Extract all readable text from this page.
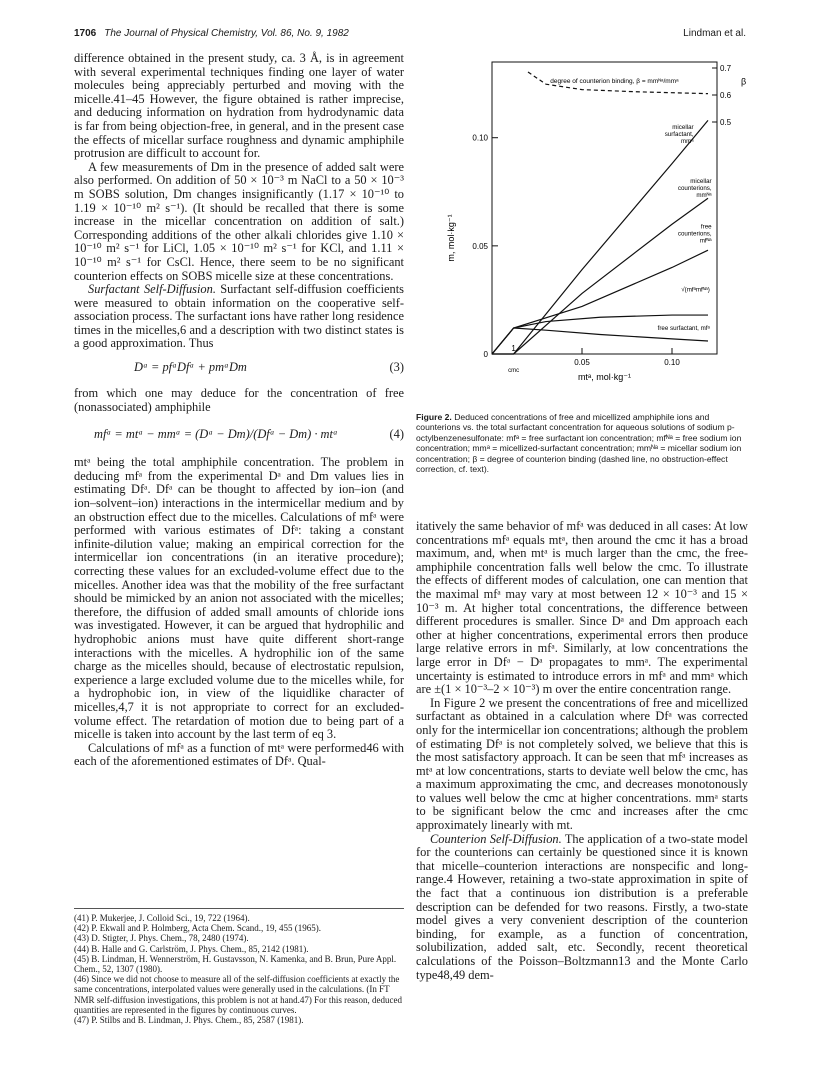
1706 The Journal of Physical Chemistry, Vol. 86, No. 9, 1982	Lindman et al.

difference obtained in the present study, ca. 3 Å, is in agreement with several experimental techniques finding one layer of water molecules being appreciably perturbed and moving with the micelle.41–45 However, the figure obtained is rather imprecise, and deducing information on hydration from hydrodynamic data is far from being objection-free, in general, and in the present case the effects of micellar surface roughness and dynamic amphiphile protrusion are difficult to account for.

A few measurements of Dm in the presence of added salt were also performed. On addition of 50 × 10⁻³ m NaCl to a 50 × 10⁻³ m SOBS solution, Dm changes insignificantly (1.17 × 10⁻¹⁰ to 1.19 × 10⁻¹⁰ m² s⁻¹). (It should be recalled that there is some increase in the micellar concentration on addition of salt.) Corresponding additions of the other alkali chlorides give 1.10 × 10⁻¹⁰ m² s⁻¹ for LiCl, 1.05 × 10⁻¹⁰ m² s⁻¹ for KCl, and 1.11 × 10⁻¹⁰ m² s⁻¹ for CsCl. Hence, there seem to be no significant counterion effects on SOBS micelle size at these concentrations.

Surfactant Self-Diffusion. Surfactant self-diffusion coefficients were measured to obtain information on the cooperative self-association process. The surfactant ions have rather long residence times in the micelles,6 and a description with two distinct states is a good approximation. Thus

Dᵃ = pfᵃDfᵃ + pmᵃDm	(3)

from which one may deduce for the concentration of free (nonassociated) amphiphile

mfᵃ = mtᵃ − mmᵃ = (Dᵃ − Dm)/(Dfᵃ − Dm) · mtᵃ	(4)

mtᵃ being the total amphiphile concentration. The problem in deducing mfᵃ from the experimental Dᵃ and Dm values lies in estimating Dfᵃ. Dfᵃ can be thought to affected by ion–ion (and ion–solvent–ion) interactions in the intermicellar medium and by an obstruction effect due to the micelles. Calculations of mfᵃ were performed with various estimates of Dfᵃ: taking a constant infinite-dilution value; making an empirical correction for the intermicellar ion concentrations (in an iterative procedure); correcting these values for an excluded-volume effect due to the micelles. Another idea was that the mobility of the free surfactant should be mimicked by an anion not associated with the micelles; therefore, the diffusion of added small amounts of chloride ions was investigated. However, it can be argued that hydrophilic and hydrophobic anions must have quite different short-range interactions with the micelles. A hydrophilic ion of the same charge as the micelles should, because of electrostatic repulsion, experience a large excluded volume due to the micelles while, for a hydrophobic ion, in view of the liquidlike character of micelles,4,7 it is not appropriate to correct for an excluded-volume effect. The retardation of motion due to being part of a micelle is taken into account by the last term of eq 3.

Calculations of mfᵃ as a function of mtᵃ were performed46 with each of the aforementioned estimates of Dfᵃ. Qual-

(41) P. Mukerjee, J. Colloid Sci., 19, 722 (1964).
(42) P. Ekwall and P. Holmberg, Acta Chem. Scand., 19, 455 (1965).
(43) D. Stigter, J. Phys. Chem., 78, 2480 (1974).
(44) B. Halle and G. Carlström, J. Phys. Chem., 85, 2142 (1981).
(45) B. Lindman, H. Wennerström, H. Gustavsson, N. Kamenka, and B. Brun, Pure Appl. Chem., 52, 1307 (1980).
(46) Since we did not choose to measure all of the self-diffusion coefficients at exactly the same concentrations, interpolated values were generally used in the calculations. (In FT NMR self-diffusion investigations, this problem is not at hand.47) For this reason, deduced quantities are represented in the figures by continuous curves.
(47) P. Stilbs and B. Lindman, J. Phys. Chem., 85, 2587 (1981).
0
0.05
0.10
0.05	0.10
1
cmc
mtᵃ, mol·kg⁻¹
m, mol·kg⁻¹
0.7
0.6
0.5
β
degree of counterion binding, β = mmᴺᵃ/mmᵃ
micellar
surfactant,
mmᵃ
micellar
counterions,
mmᴺᵃ
free
counterions,
mfᴺᵃ
√(mfᵃmfᴺᵃ)
free surfactant, mfᵃ
Figure 2. Deduced concentrations of free and micellized amphiphile ions and counterions vs. the total surfactant concentration for aqueous solutions of sodium p-octylbenzenesulfonate: mfᵃ = free surfactant ion concentration; mfᴺᵃ = free sodium ion concentration; mmᵃ = micellized-surfactant concentration; mmᴺᵃ = micellar sodium ion concentration; β = degree of counterion binding (dashed line, no obstruction-effect correction, cf. text).

itatively the same behavior of mfᵃ was deduced in all cases: At low concentrations mfᵃ equals mtᵃ, then around the cmc it has a broad maximum, and, when mtᵃ is much larger than the cmc, the free-amphiphile concentration falls well below the cmc. To illustrate the effects of different modes of calculation, one can mention that the maximal mfᵃ may vary at most between 12 × 10⁻³ and 15 × 10⁻³ m. At higher total concentrations, the difference between different procedures is smaller. Since Dᵃ and Dm approach each other at higher concentrations, experimental errors then produce large relative errors in mfᵃ. Similarly, at low concentrations the large error in Dfᵃ − Dᵃ propagates to mmᵃ. The experimental uncertainty is estimated to introduce errors in mfᵃ and mmᵃ which are ±(1 × 10⁻³–2 × 10⁻³) m over the entire concentration range.

In Figure 2 we present the concentrations of free and micellized surfactant as obtained in a calculation where Dfᵃ was corrected only for the intermicellar ion concentrations; although the problem of estimating Dfᵃ is not completely solved, we believe that this is the most satisfactory approach. It can be seen that mfᵃ increases as mtᵃ at low concentrations, starts to deviate well below the cmc, has a maximum approximating the cmc, and decreases monotonously to values well below the cmc at higher concentrations. mmᵃ starts to be significant below the cmc and increases after the cmc approximately linearly with mt.

Counterion Self-Diffusion. The application of a two-state model for the counterions can certainly be questioned since it is known that micelle–counterion interactions are nonspecific and long-range.4 However, retaining a two-state approximation in spite of the fact that a continuous ion distribution is a preferable description can be defended for two reasons. Firstly, a two-state model gives a very convenient description of the counterion binding, for example, as a function of concentration, solubilization, added salt, etc. Secondly, recent theoretical calculations of the Poisson–Boltzmann13 and the Monte Carlo type48,49 dem-
